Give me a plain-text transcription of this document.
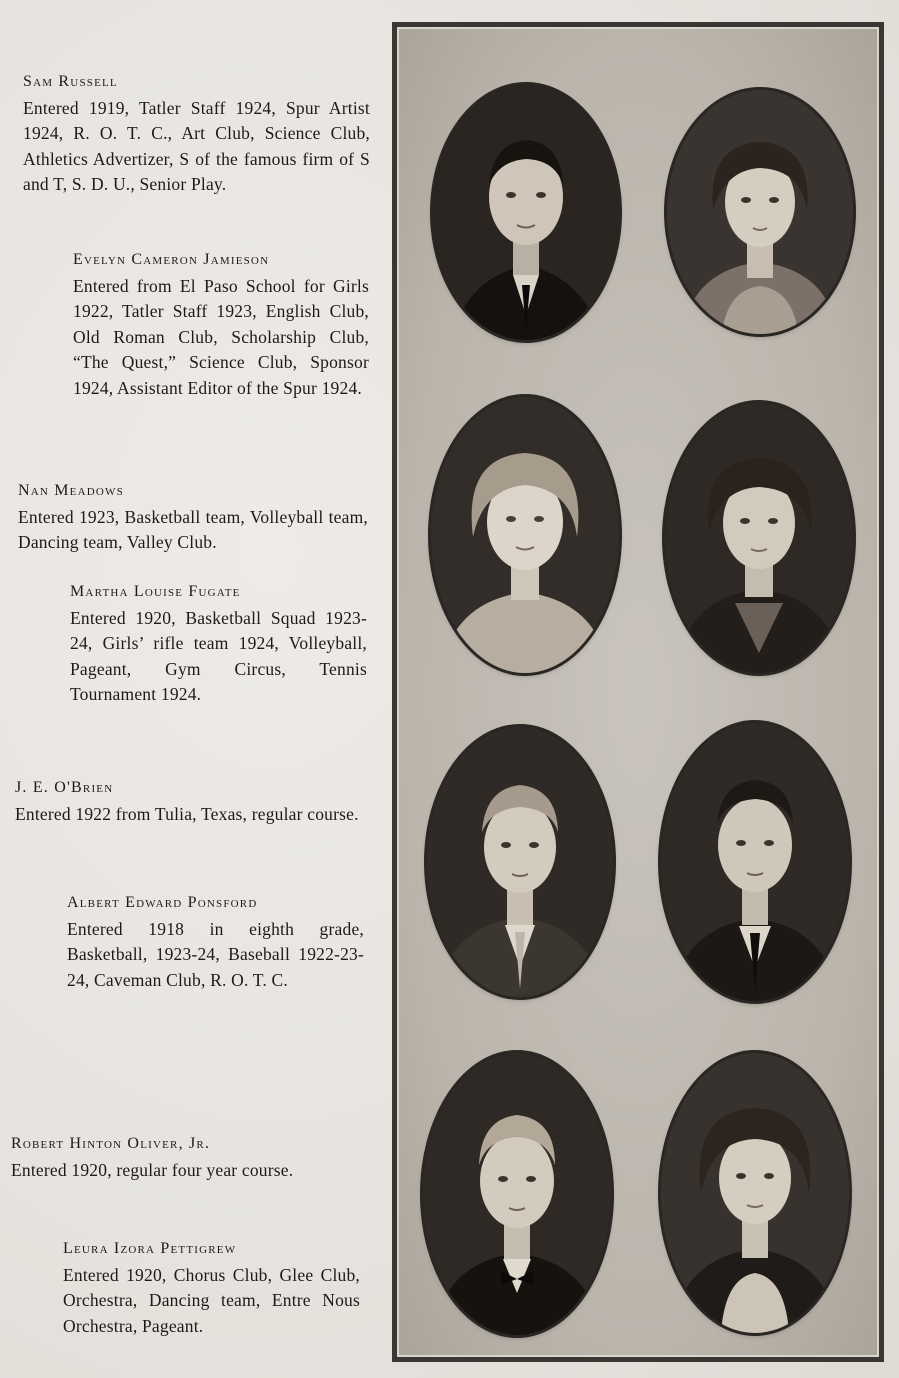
Sam Russell
Entered 1919, Tatler Staff 1924, Spur Artist 1924, R. O. T. C., Art Club, Science Club, Athletics Advertizer, S of the famous firm of S and T, S. D. U., Senior Play.
Evelyn Cameron Jamieson
Entered from El Paso School for Girls 1922, Tatler Staff 1923, English Club, Old Roman Club, Scholarship Club, “The Quest,” Science Club, Sponsor 1924, Assistant Editor of the Spur 1924.
Nan Meadows
Entered 1923, Basketball team, Volleyball team, Dancing team, Valley Club.
Martha Louise Fugate
Entered 1920, Basketball Squad 1923-24, Girls’ rifle team 1924, Volleyball, Pageant, Gym Circus, Tennis Tournament 1924.
J. E. O'Brien
Entered 1922 from Tulia, Texas, regular course.
Albert Edward Ponsford
Entered 1918 in eighth grade, Basketball, 1923-24, Baseball 1922-23-24, Caveman Club, R. O. T. C.
Robert Hinton Oliver, Jr.
Entered 1920, regular four year course.
Leura Izora Pettigrew
Entered 1920, Chorus Club, Glee Club, Orchestra, Dancing team, Entre Nous Orchestra, Pageant.
